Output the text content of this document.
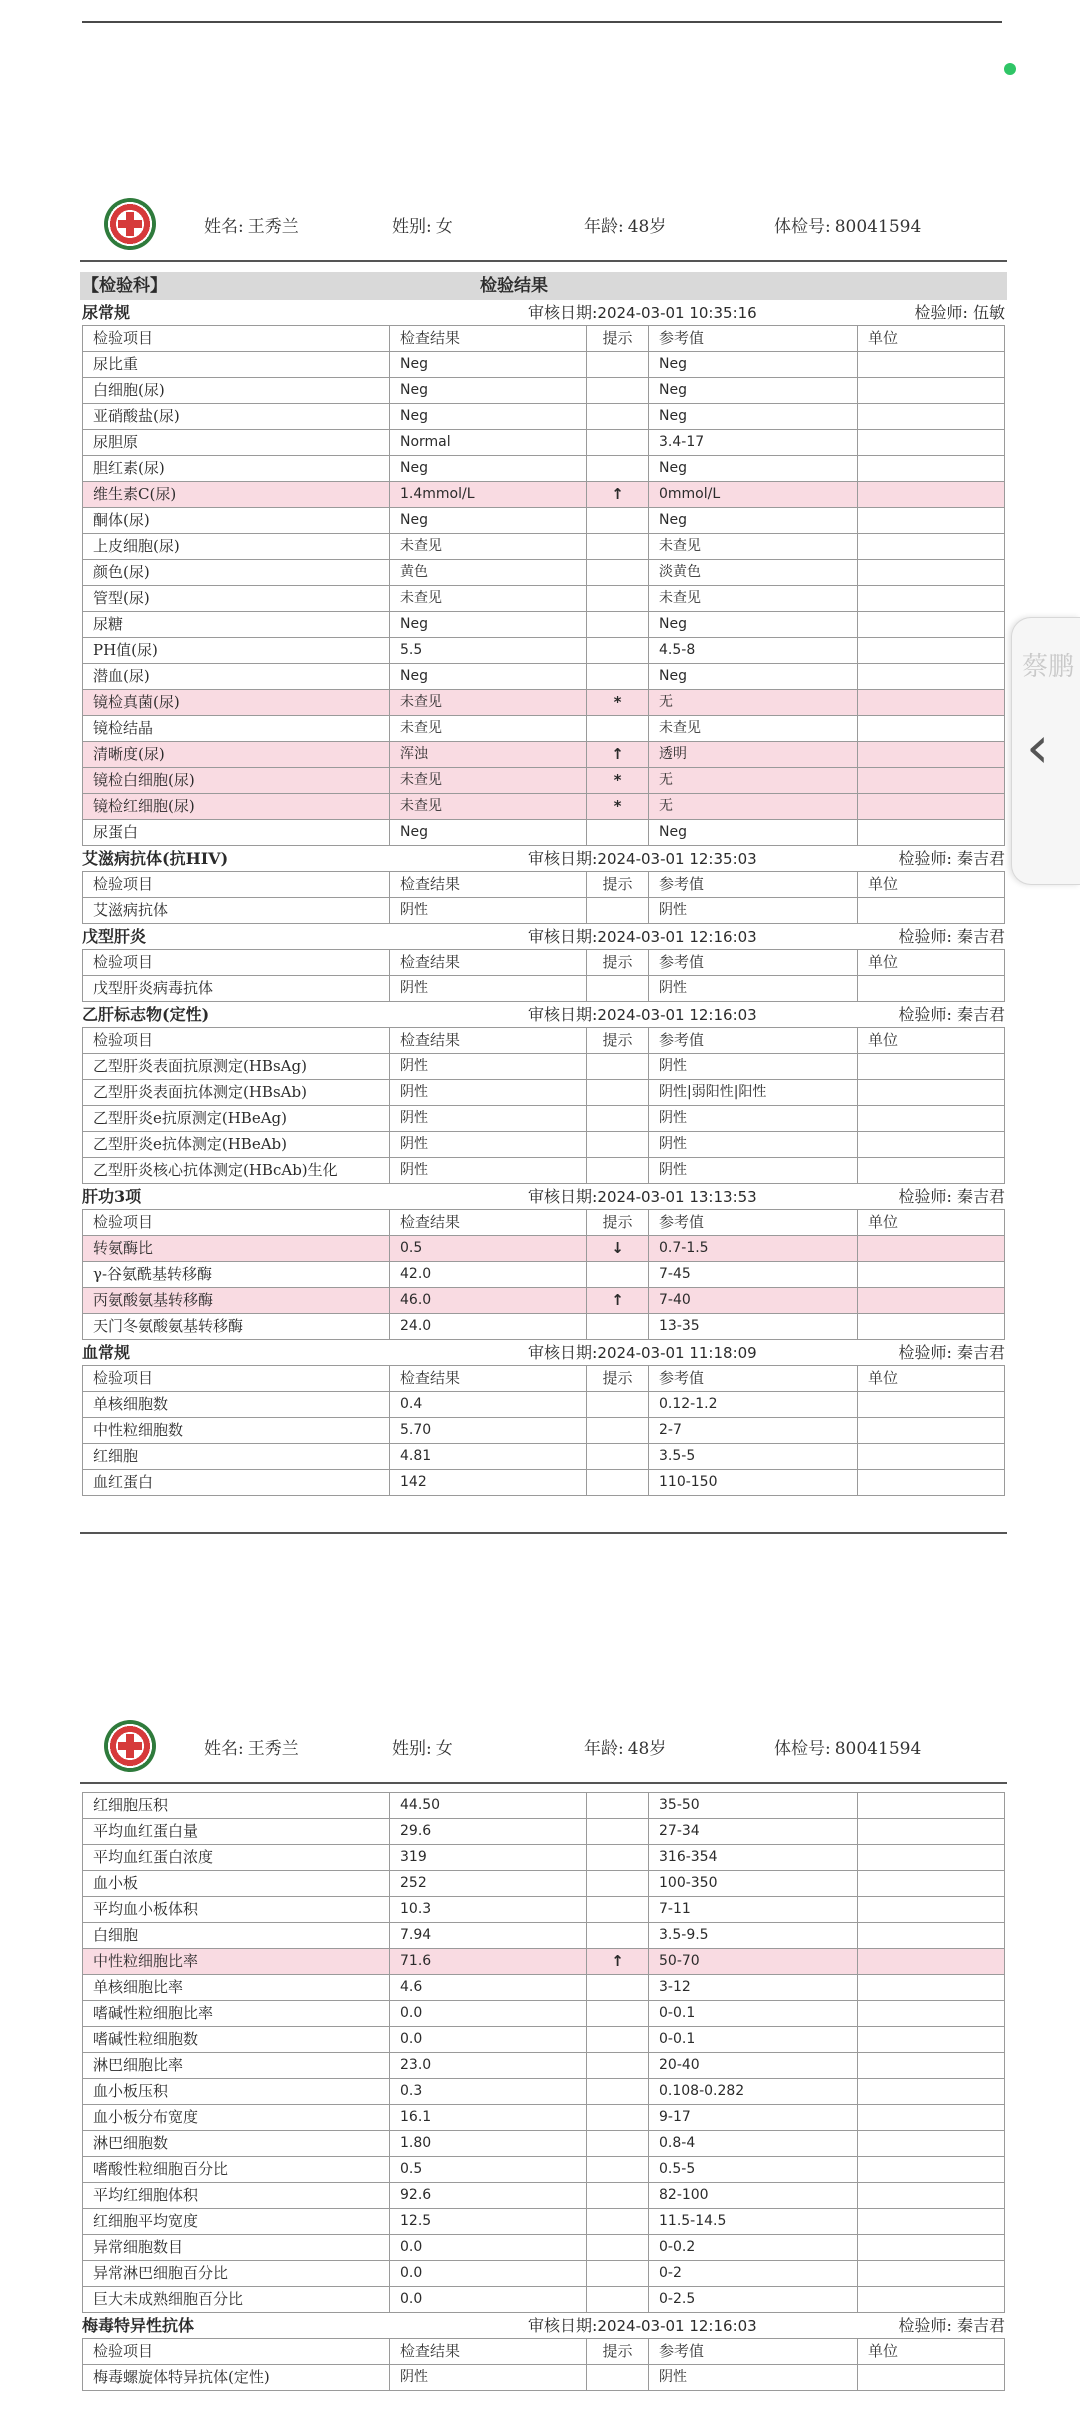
蔡鹏
‹
姓名: 王秀兰	姓别: 女	年龄: 48岁	体检号: 80041594
【检验科】	检验结果
尿常规	审核日期:2024-03-01 10:35:16	检验师: 伍敏
检验项目	检查结果	提示	参考值	单位
尿比重	Neg		Neg	
白细胞(尿)	Neg		Neg	
亚硝酸盐(尿)	Neg		Neg	
尿胆原	Normal		3.4-17	
胆红素(尿)	Neg		Neg	
维生素C(尿)	1.4mmol/L	↑	0mmol/L	
酮体(尿)	Neg		Neg	
上皮细胞(尿)	未查见		未查见	
颜色(尿)	黄色		淡黄色	
管型(尿)	未查见		未查见	
尿糖	Neg		Neg	
PH值(尿)	5.5		4.5-8	
潜血(尿)	Neg		Neg	
镜检真菌(尿)	未查见	*	无	
镜检结晶	未查见		未查见	
清晰度(尿)	浑浊	↑	透明	
镜检白细胞(尿)	未查见	*	无	
镜检红细胞(尿)	未查见	*	无	
尿蛋白	Neg		Neg	
艾滋病抗体(抗HIV)	审核日期:2024-03-01 12:35:03	检验师: 秦吉君
检验项目	检查结果	提示	参考值	单位
艾滋病抗体	阴性		阴性	
戊型肝炎	审核日期:2024-03-01 12:16:03	检验师: 秦吉君
检验项目	检查结果	提示	参考值	单位
戊型肝炎病毒抗体	阴性		阴性	
乙肝标志物(定性)	审核日期:2024-03-01 12:16:03	检验师: 秦吉君
检验项目	检查结果	提示	参考值	单位
乙型肝炎表面抗原测定(HBsAg)	阴性		阴性	
乙型肝炎表面抗体测定(HBsAb)	阴性		阴性|弱阳性|阳性	
乙型肝炎e抗原测定(HBeAg)	阴性		阴性	
乙型肝炎e抗体测定(HBeAb)	阴性		阴性	
乙型肝炎核心抗体测定(HBcAb)生化	阴性		阴性	
肝功3项	审核日期:2024-03-01 13:13:53	检验师: 秦吉君
检验项目	检查结果	提示	参考值	单位
转氨酶比	0.5	↓	0.7-1.5	
γ-谷氨酰基转移酶	42.0		7-45	
丙氨酸氨基转移酶	46.0	↑	7-40	
天门冬氨酸氨基转移酶	24.0		13-35	
血常规	审核日期:2024-03-01 11:18:09	检验师: 秦吉君
检验项目	检查结果	提示	参考值	单位
单核细胞数	0.4		0.12-1.2	
中性粒细胞数	5.70		2-7	
红细胞	4.81		3.5-5	
血红蛋白	142		110-150	
姓名: 王秀兰	姓别: 女	年龄: 48岁	体检号: 80041594
红细胞压积	44.50		35-50	
平均血红蛋白量	29.6		27-34	
平均血红蛋白浓度	319		316-354	
血小板	252		100-350	
平均血小板体积	10.3		7-11	
白细胞	7.94		3.5-9.5	
中性粒细胞比率	71.6	↑	50-70	
单核细胞比率	4.6		3-12	
嗜碱性粒细胞比率	0.0		0-0.1	
嗜碱性粒细胞数	0.0		0-0.1	
淋巴细胞比率	23.0		20-40	
血小板压积	0.3		0.108-0.282	
血小板分布宽度	16.1		9-17	
淋巴细胞数	1.80		0.8-4	
嗜酸性粒细胞百分比	0.5		0.5-5	
平均红细胞体积	92.6		82-100	
红细胞平均宽度	12.5		11.5-14.5	
异常细胞数目	0.0		0-0.2	
异常淋巴细胞百分比	0.0		0-2	
巨大未成熟细胞百分比	0.0		0-2.5	
梅毒特异性抗体	审核日期:2024-03-01 12:16:03	检验师: 秦吉君
检验项目	检查结果	提示	参考值	单位
梅毒螺旋体特异抗体(定性)	阴性		阴性	
